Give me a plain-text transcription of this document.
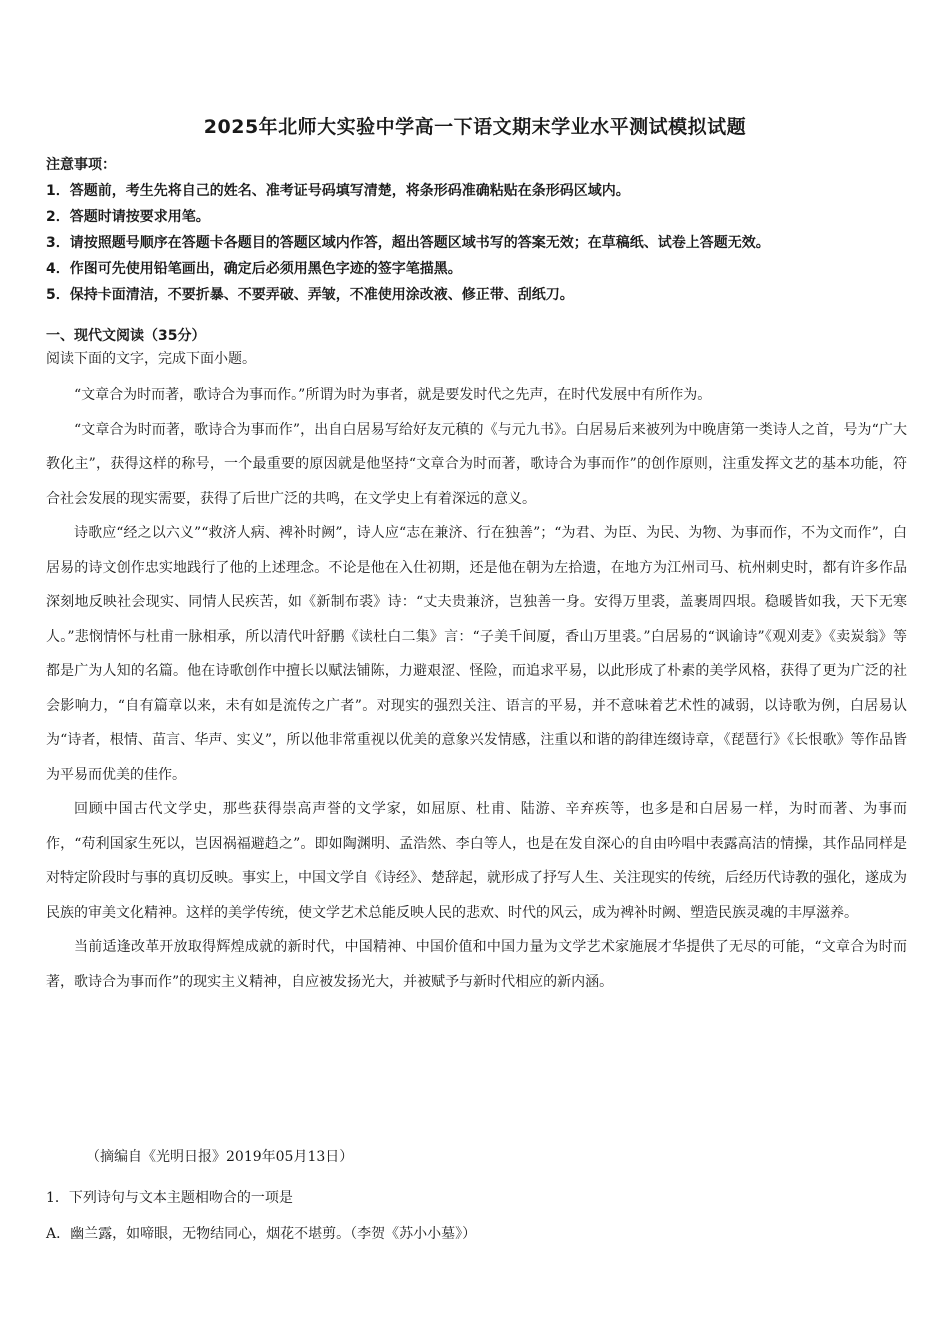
2025年北师大实验中学高一下语文期末学业水平测试模拟试题
注意事项：
1．答题前，考生先将自己的姓名、准考证号码填写清楚，将条形码准确粘贴在条形码区域内。
2．答题时请按要求用笔。
3．请按照题号顺序在答题卡各题目的答题区域内作答，超出答题区域书写的答案无效；在草稿纸、试卷上答题无效。
4．作图可先使用铅笔画出，确定后必须用黑色字迹的签字笔描黑。
5．保持卡面清洁，不要折暴、不要弄破、弄皱，不准使用涂改液、修正带、刮纸刀。
一、现代文阅读（35分）
阅读下面的文字，完成下面小题。

“文章合为时而著，歌诗合为事而作。”所谓为时为事者，就是要发时代之先声，在时代发展中有所作为。

“文章合为时而著，歌诗合为事而作”，出自白居易写给好友元稹的《与元九书》。白居易后来被列为中晚唐第一类诗人之首，号为“广大教化主”，获得这样的称号，一个最重要的原因就是他坚持“文章合为时而著，歌诗合为事而作”的创作原则，注重发挥文艺的基本功能，符合社会发展的现实需要，获得了后世广泛的共鸣，在文学史上有着深远的意义。

诗歌应“经之以六义”“救济人病、裨补时阙”，诗人应“志在兼济、行在独善”；“为君、为臣、为民、为物、为事而作，不为文而作”，白居易的诗文创作忠实地践行了他的上述理念。不论是他在入仕初期，还是他在朝为左拾遗，在地方为江州司马、杭州刺史时，都有许多作品深刻地反映社会现实、同情人民疾苦，如《新制布裘》诗：“丈夫贵兼济，岂独善一身。安得万里裘，盖裹周四垠。稳暖皆如我，天下无寒人。”悲悯情怀与杜甫一脉相承，所以清代叶舒鹏《读杜白二集》言：“子美千间厦，香山万里裘。”白居易的“讽谕诗”《观刈麦》《卖炭翁》等都是广为人知的名篇。他在诗歌创作中擅长以赋法铺陈，力避艰涩、怪险，而追求平易，以此形成了朴素的美学风格，获得了更为广泛的社会影响力，“自有篇章以来，未有如是流传之广者”。对现实的强烈关注、语言的平易，并不意味着艺术性的减弱，以诗歌为例，白居易认为“诗者，根情、苗言、华声、实义”，所以他非常重视以优美的意象兴发情感，注重以和谐的韵律连缀诗章，《琵琶行》《长恨歌》等作品皆为平易而优美的佳作。

回顾中国古代文学史，那些获得崇高声誉的文学家，如屈原、杜甫、陆游、辛弃疾等，也多是和白居易一样，为时而著、为事而作，“苟利国家生死以，岂因祸福避趋之”。即如陶渊明、孟浩然、李白等人，也是在发自深心的自由吟唱中表露高洁的情操，其作品同样是对特定阶段时与事的真切反映。事实上，中国文学自《诗经》、楚辞起，就形成了抒写人生、关注现实的传统，后经历代诗教的强化，遂成为民族的审美文化精神。这样的美学传统，使文学艺术总能反映人民的悲欢、时代的风云，成为裨补时阙、塑造民族灵魂的丰厚滋养。

当前适逢改革开放取得辉煌成就的新时代，中国精神、中国价值和中国力量为文学艺术家施展才华提供了无尽的可能，“文章合为时而著，歌诗合为事而作”的现实主义精神，自应被发扬光大，并被赋予与新时代相应的新内涵。

（摘编自《光明日报》2019年05月13日）
1．下列诗句与文本主题相吻合的一项是
A．幽兰露，如啼眼，无物结同心，烟花不堪剪。（李贺《苏小小墓》）
